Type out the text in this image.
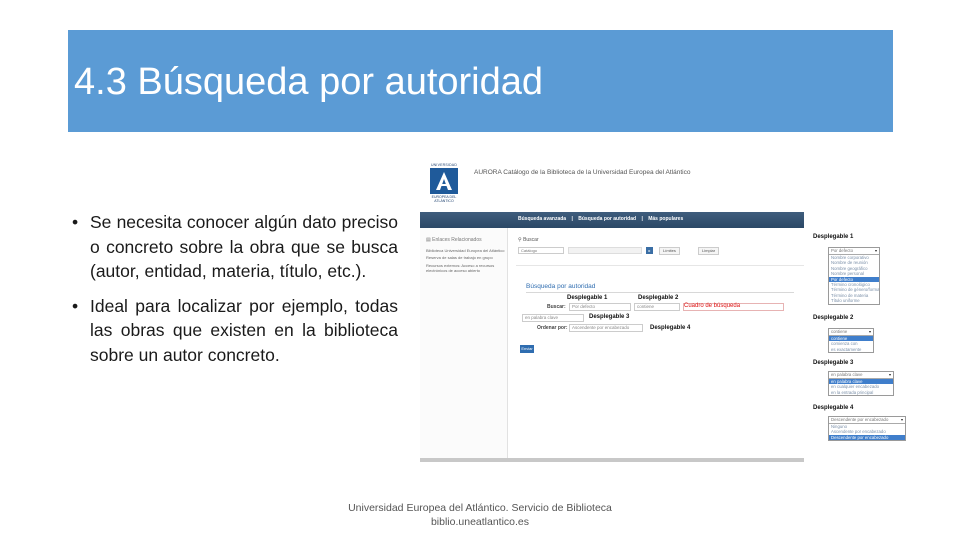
4.3 Búsqueda por autoridad
• Se necesita conocer algún dato preciso o concreto sobre la obra que se busca (autor, entidad, materia, título, etc.).
• Ideal para localizar por ejemplo, todas las obras que existen en la biblioteca sobre un autor concreto.
UNIVERSIDAD
EUROPEA DEL ATLÁNTICO
AURORA Catálogo de la Biblioteca de la Universidad Europea del Atlántico
Búsqueda avanzada | Búsqueda por autoridad | Más populares
▤ Enlaces Relacionados
Biblioteca Universidad Europea del Atlántico
Reserva de salas de trabajo en grupo
Recursos externos: Acceso a recursos electrónicos de acceso abierto
⚲ Buscar
Catálogo	▸	Límites	Limpiar
Búsqueda por autoridad
Desplegable 1	Desplegable 2
Buscar:	Por defecto	contiene	Cuadro de búsqueda
en palabra clave	Desplegable 3
Ordenar por: Ascendente por encabezado	Desplegable 4
Enviar
Desplegable 1
Por defecto	▾
Nombre corporativo
Nombre de reunión
Nombre geográfico
Nombre personal
Por defecto
Término cronológico
Término de género/forma
Término de materia
Título uniforme
Desplegable 2
contiene	▾
contiene
comienza con
es exactamente
Desplegable 3
en palabra clave	▾
en palabra clave
en cualquier encabezado
en la entrada principal
Desplegable 4
Descendente por encabezado	▾
Ninguno
Ascendente por encabezado
Descendente por encabezado
Universidad Europea del Atlántico. Servicio de Biblioteca
biblio.uneatlantico.es
